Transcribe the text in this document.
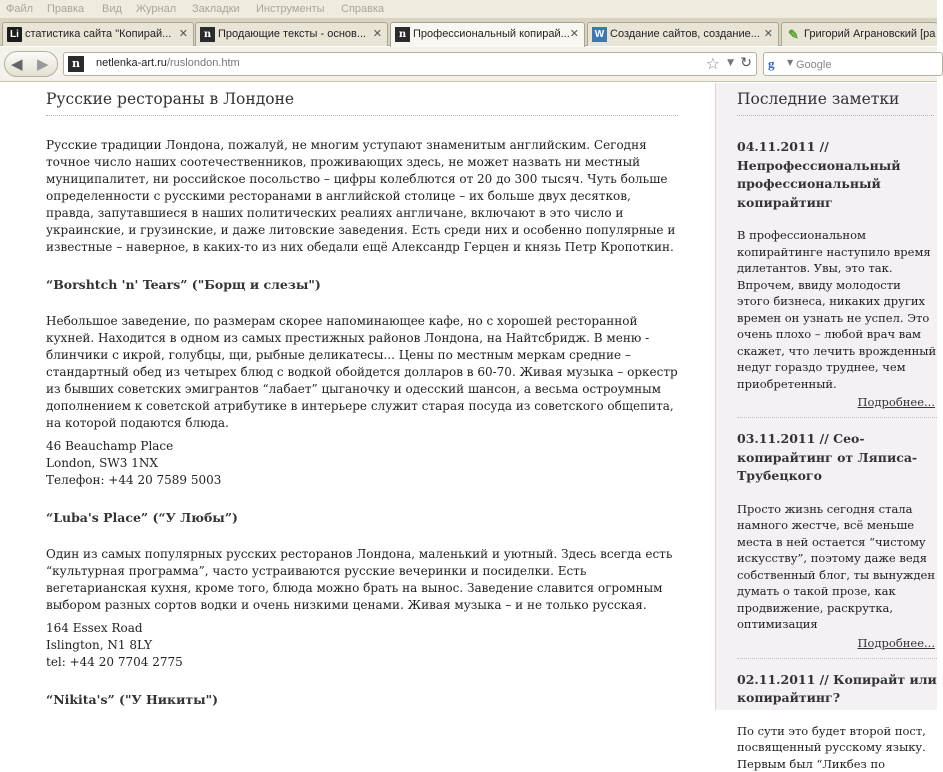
Файл Правка Вид Журнал Закладки Инструменты Справка
Li статистика сайта "Копирай... ✕	n Продающие тексты - основ... ✕	n Профессиональный копирай... ✕ W Создание сайтов, создание... ✕ ✎ Григорий Аграновский [ра
◀ ▶	n	netlenka-art.ru/ruslondon.htm	☆ ▼ ↻ g	▼
Google
Русские рестораны в Лондоне

Русские традиции Лондона, пожалуй, не многим уступают знаменитым английским. Сегодня точное число наших соотечественников, проживающих здесь, не может назвать ни местный муниципалитет, ни российское посольство – цифры колеблются от 20 до 300 тысяч. Чуть больше определенности с русскими ресторанами в английской столице – их больше двух десятков, правда, запутавшиеся в наших политических реалиях англичане, включают в это число и украинские, и грузинские, и даже литовские заведения. Есть среди них и особенно популярные и известные – наверное, в каких-то из них обедали ещё Александр Герцен и князь Петр Кропоткин.

“Borshtch 'n' Tears” ("Борщ и слезы")

Небольшое заведение, по размерам скорее напоминающее кафе, но с хорошей ресторанной кухней. Находится в одном из самых престижных районов Лондона, на Найтсбридж. В меню - блинчики с икрой, голубцы, щи, рыбные деликатесы... Цены по местным меркам средние – стандартный обед из четырех блюд с водкой обойдется долларов в 60-70. Живая музыка – оркестр из бывших советских эмигрантов “лабает” цыганочку и одесский шансон, а весьма остроумным дополнением к советской атрибутике в интерьере служит старая посуда из советского общепита, на которой подаются блюда.

46 Beauchamp Place
London, SW3 1NX
Телефон: +44 20 7589 5003
“Luba's Place” (“У Любы”)

Один из самых популярных русских ресторанов Лондона, маленький и уютный. Здесь всегда есть “культурная программа”, часто устраиваются русские вечеринки и посиделки. Есть вегетарианская кухня, кроме того, блюда можно брать на вынос. Заведение славится огромным выбором разных сортов водки и очень низкими ценами. Живая музыка – и не только русская.

164 Essex Road
Islington, N1 8LY
tel: +44 20 7704 2775
“Nikita's” ("У Никиты")
Последние заметки
04.11.2011 // Непрофессиональный профессиональный копирайтинг
В профессиональном копирайтинге наступило время дилетантов. Увы, это так. Впрочем, ввиду молодости этого бизнеса, никаких других времен он узнать не успел. Это очень плохо – любой врач вам скажет, что лечить врожденный недуг гораздо труднее, чем приобретенный.
Подробнее...
03.11.2011 // Сео-копирайтинг от Ляписа-Трубецкого
Просто жизнь сегодня стала намного жестче, всё меньше места в ней остается “чистому искусству”, поэтому даже ведя собственный блог, ты вынужден думать о такой прозе, как продвижение, раскрутка, оптимизация
Подробнее...
02.11.2011 // Копирайт или копирайтинг?
По сути это будет второй пост, посвященный русскому языку. Первым был “Ликбез по
